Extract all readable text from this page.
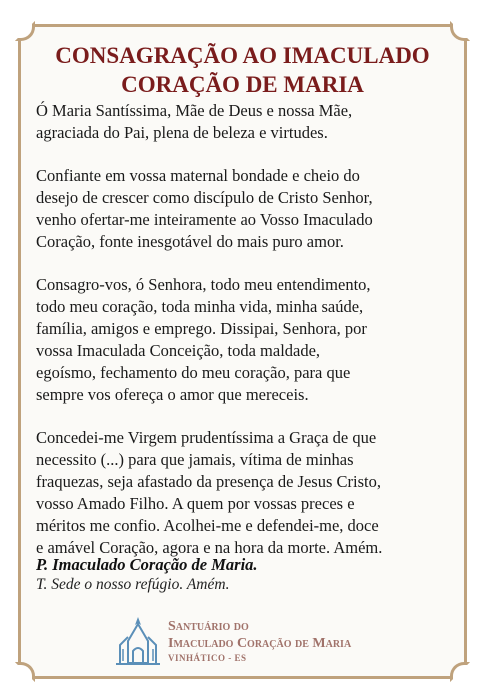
CONSAGRAÇÃO AO IMACULADO
CORAÇÃO DE MARIA
Ó Maria Santíssima, Mãe de Deus e nossa Mãe,
agraciada do Pai, plena de beleza e virtudes.
Confiante em vossa maternal bondade e cheio do
desejo de crescer como discípulo de Cristo Senhor,
venho ofertar-me inteiramente ao Vosso Imaculado
Coração, fonte inesgotável do mais puro amor.
Consagro-vos, ó Senhora, todo meu entendimento,
todo meu coração, toda minha vida, minha saúde,
família, amigos e emprego. Dissipai, Senhora, por
vossa Imaculada Conceição, toda maldade,
egoísmo, fechamento do meu coração, para que
sempre vos ofereça o amor que mereceis.
Concedei-me Virgem prudentíssima a Graça de que
necessito (...) para que jamais, vítima de minhas
fraquezas, seja afastado da presença de Jesus Cristo,
vosso Amado Filho. A quem por vossas preces e
méritos me confio. Acolhei-me e defendei-me, doce
e amável Coração, agora e na hora da morte. Amém.
P. Imaculado Coração de Maria.
T. Sede o nosso refúgio. Amém.
Santuário do
Imaculado Coração de Maria
VINHÁTICO - ES
